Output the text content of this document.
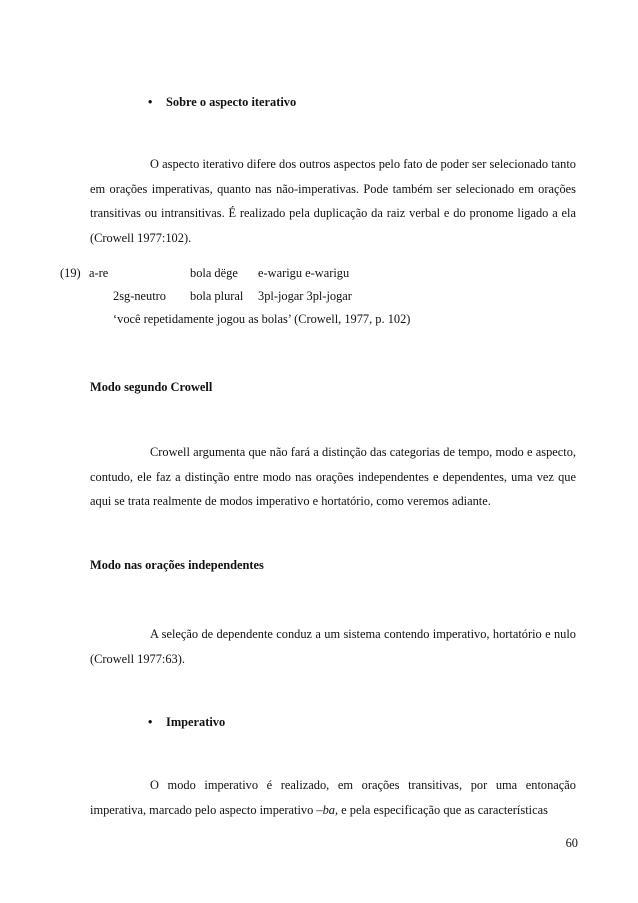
• Sobre o aspecto iterativo
O aspecto iterativo difere dos outros aspectos pelo fato de poder ser selecionado tanto em orações imperativas, quanto nas não-imperativas. Pode também ser selecionado em orações transitivas ou intransitivas. É realizado pela duplicação da raiz verbal e do pronome ligado a ela (Crowell 1977:102).
(19) a-re	bola dëge e-warigu e-warigu
2sg-neutro bola plural 3pl-jogar 3pl-jogar
‘você repetidamente jogou as bolas’ (Crowell, 1977, p. 102)
Modo segundo Crowell
Crowell argumenta que não fará a distinção das categorias de tempo, modo e aspecto, contudo, ele faz a distinção entre modo nas orações independentes e dependentes, uma vez que aqui se trata realmente de modos imperativo e hortatório, como veremos adiante.
Modo nas orações independentes
A seleção de dependente conduz a um sistema contendo imperativo, hortatório e nulo (Crowell 1977:63).
• Imperativo
O modo imperativo é realizado, em orações transitivas, por uma entonação imperativa, marcado pelo aspecto imperativo –ba, e pela especificação que as características
60
